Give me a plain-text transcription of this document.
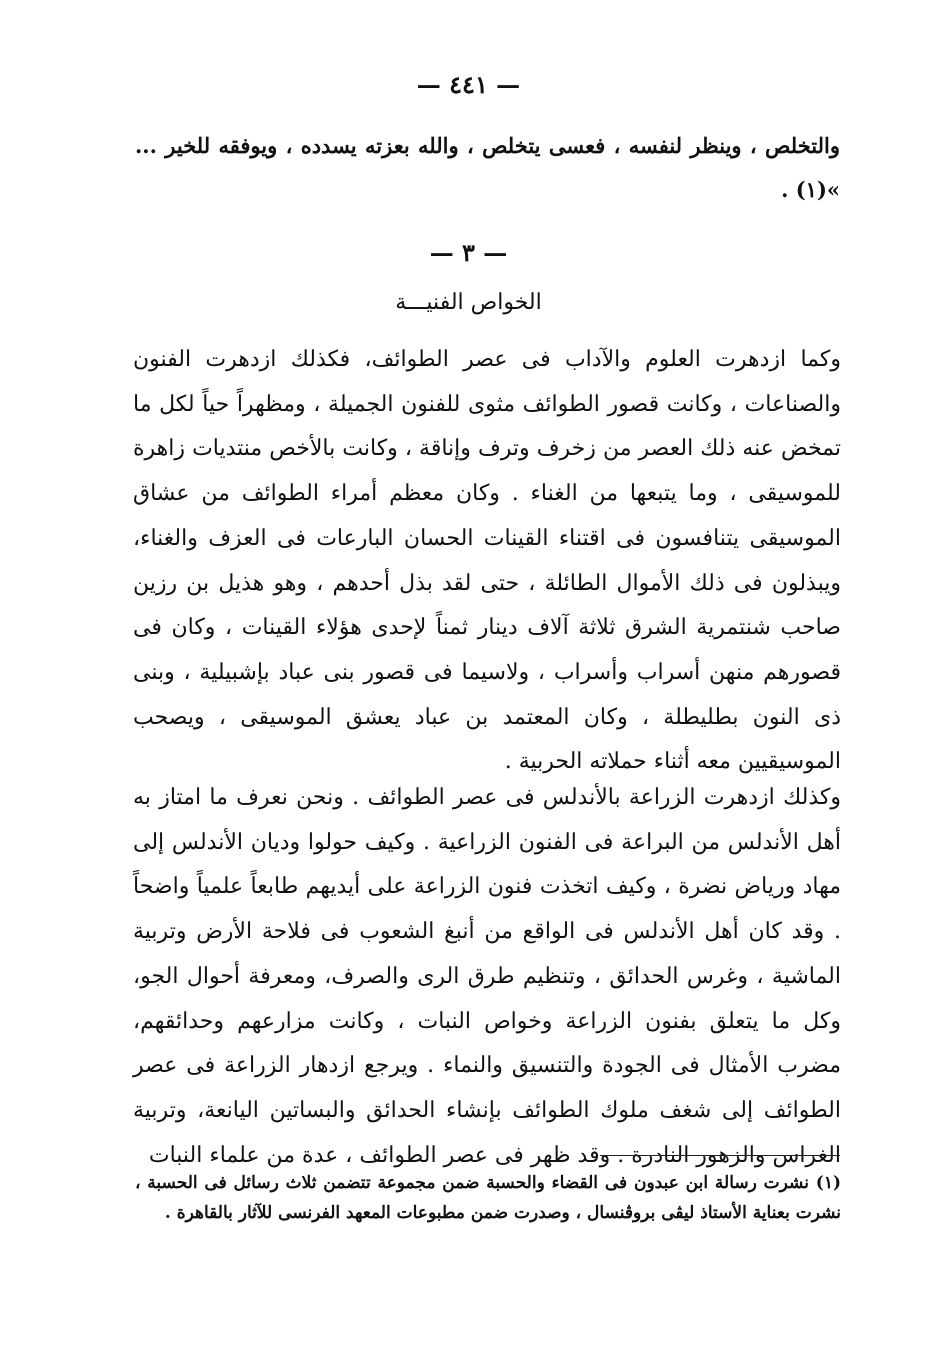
— ٤٤١ —

والتخلص ، وينظر لنفسه ، فعسى يتخلص ، والله بعزته يسدده ، ويوفقه للخير ... »(١) .

— ٣ —
الخواص الفنيـــة

وكما ازدهرت العلوم والآداب فى عصر الطوائف، فكذلك ازدهرت الفنون والصناعات ، وكانت قصور الطوائف مثوى للفنون الجميلة ، ومظهراً حياً لكل ما تمخض عنه ذلك العصر من زخرف وترف وإناقة ، وكانت بالأخص منتديات زاهرة للموسيقى ، وما يتبعها من الغناء . وكان معظم أمراء الطوائف من عشاق الموسيقى يتنافسون فى اقتناء القينات الحسان البارعات فى العزف والغناء، ويبذلون فى ذلك الأموال الطائلة ، حتى لقد بذل أحدهم ، وهو هذيل بن رزين صاحب شنتمرية الشرق ثلاثة آلاف دينار ثمناً لإحدى هؤلاء القينات ، وكان فى قصورهم منهن أسراب وأسراب ، ولاسيما فى قصور بنى عباد بإشبيلية ، وبنى ذى النون بطليطلة ، وكان المعتمد بن عباد يعشق الموسيقى ، ويصحب الموسيقيين معه أثناء حملاته الحربية .

وكذلك ازدهرت الزراعة بالأندلس فى عصر الطوائف . ونحن نعرف ما امتاز به أهل الأندلس من البراعة فى الفنون الزراعية . وكيف حولوا وديان الأندلس إلى مهاد ورياض نضرة ، وكيف اتخذت فنون الزراعة على أيديهم طابعاً علمياً واضحاً . وقد كان أهل الأندلس فى الواقع من أنبغ الشعوب فى فلاحة الأرض وتربية الماشية ، وغرس الحدائق ، وتنظيم طرق الرى والصرف، ومعرفة أحوال الجو، وكل ما يتعلق بفنون الزراعة وخواص النبات ، وكانت مزارعهم وحدائقهم، مضرب الأمثال فى الجودة والتنسيق والنماء . ويرجع ازدهار الزراعة فى عصر الطوائف إلى شغف ملوك الطوائف بإنشاء الحدائق والبساتين اليانعة، وتربية الغراس والزهور النادرة . وقد ظهر فى عصر الطوائف ، عدة من علماء النبات

(١) نشرت رسالة ابن عبدون فى القضاء والحسبة ضمن مجموعة تتضمن ثلاث رسائل فى الحسبة ، نشرت بعناية الأستاذ ليڤى بروڤنسال ، وصدرت ضمن مطبوعات المعهد الفرنسى للآثار بالقاهرة .
